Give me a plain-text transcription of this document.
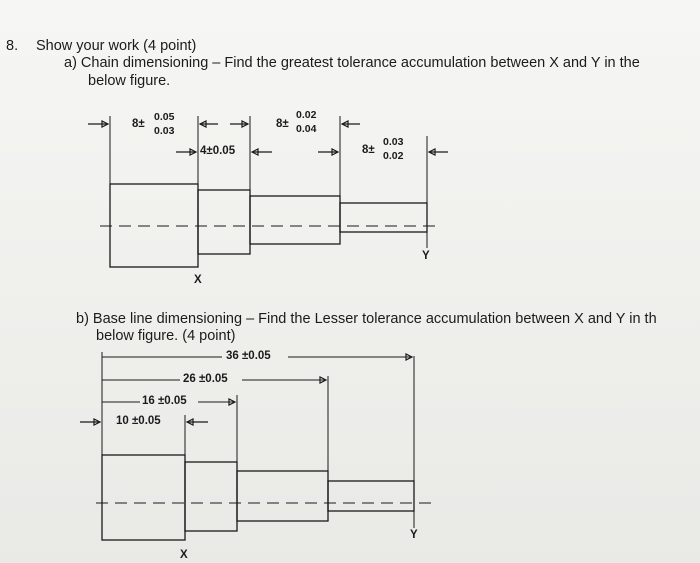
8. Show your work (4 point)
a) Chain dimensioning – Find the greatest tolerance accumulation between X and Y in the
below figure.
8±
0.05
0.03
4±0.05
8±
0.02
0.04
8±
0.03
0.02
X
Y
b) Base line dimensioning – Find the Lesser tolerance accumulation between X and Y in th
below figure. (4 point)
36 ±0.05
26 ±0.05
16 ±0.05
10 ±0.05
X
Y
